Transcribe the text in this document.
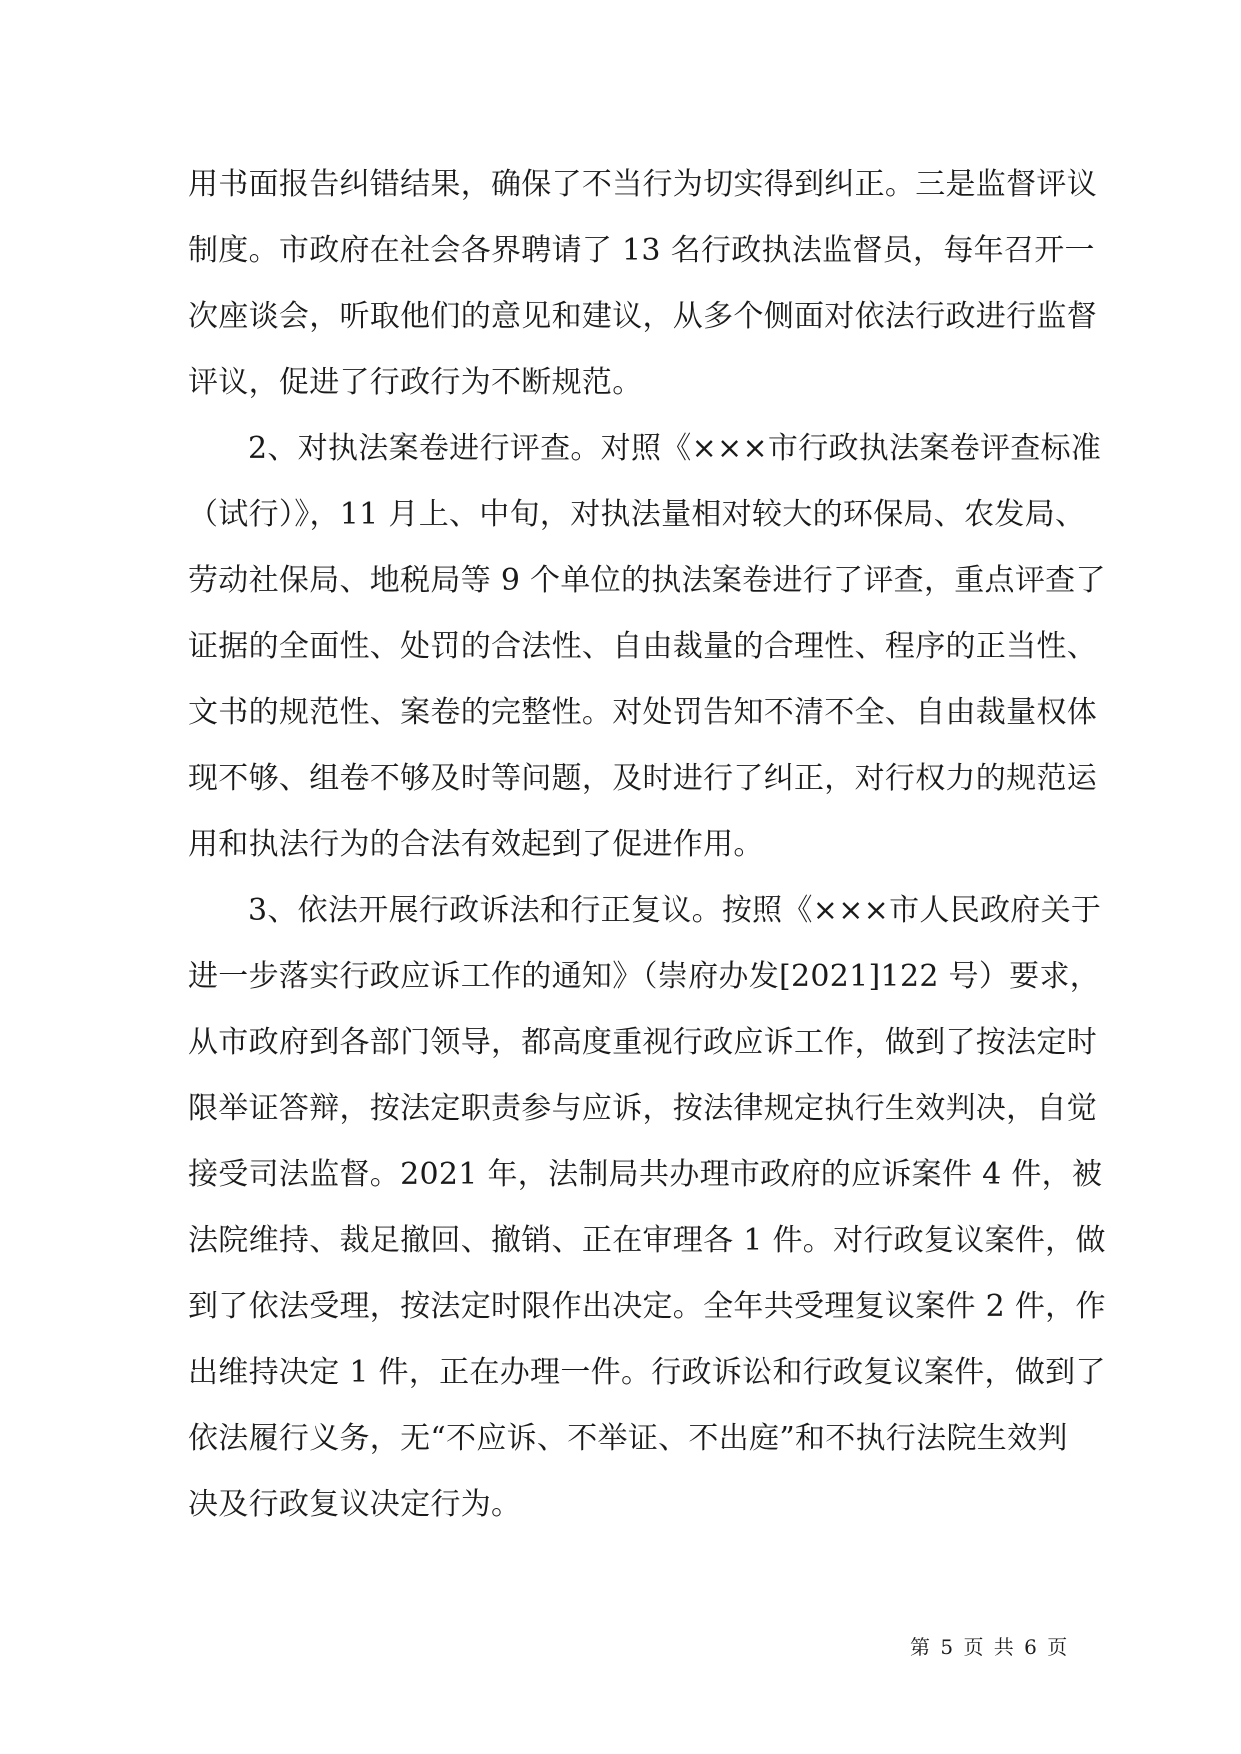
用书面报告纠错结果，确保了不当行为切实得到纠正。三是监督评议
制度。市政府在社会各界聘请了 13 名行政执法监督员，每年召开一
次座谈会，听取他们的意见和建议，从多个侧面对依法行政进行监督
评议，促进了行政行为不断规范。
2、对执法案卷进行评查。对照《×××市行政执法案卷评查标准
（试行）》，11 月上、中旬，对执法量相对较大的环保局、农发局、
劳动社保局、地税局等 9 个单位的执法案卷进行了评查，重点评查了
证据的全面性、处罚的合法性、自由裁量的合理性、程序的正当性、
文书的规范性、案卷的完整性。对处罚告知不清不全、自由裁量权体
现不够、组卷不够及时等问题，及时进行了纠正，对行权力的规范运
用和执法行为的合法有效起到了促进作用。
3、依法开展行政诉法和行正复议。按照《×××市人民政府关于
进一步落实行政应诉工作的通知》（崇府办发[2021]122 号）要求，
从市政府到各部门领导，都高度重视行政应诉工作，做到了按法定时
限举证答辩，按法定职责参与应诉，按法律规定执行生效判决，自觉
接受司法监督。2021 年，法制局共办理市政府的应诉案件 4 件，被
法院维持、裁足撤回、撤销、正在审理各 1 件。对行政复议案件，做
到了依法受理，按法定时限作出决定。全年共受理复议案件 2 件，作
出维持决定 1 件，正在办理一件。行政诉讼和行政复议案件，做到了
依法履行义务，无“不应诉、不举证、不出庭”和不执行法院生效判
决及行政复议决定行为。
第 5 页 共 6 页
